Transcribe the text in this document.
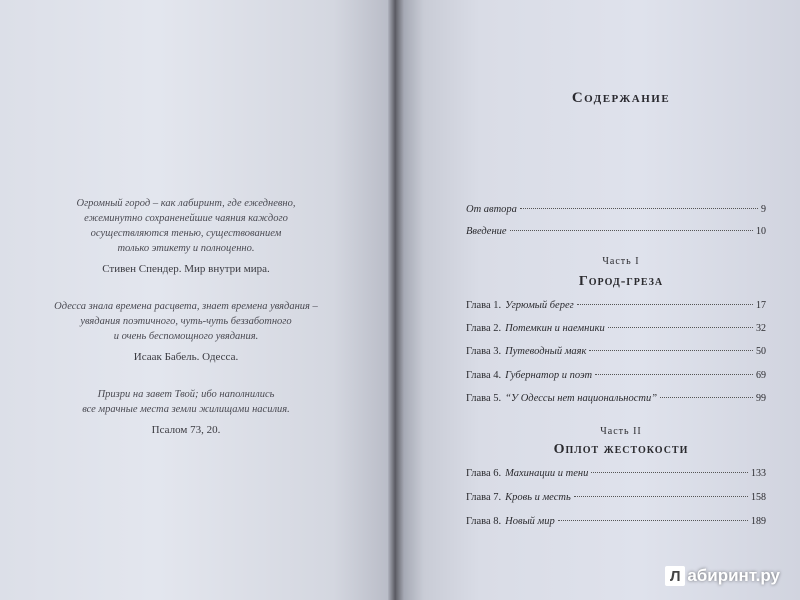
Огромный город – как лабиринт, где ежедневно,
ежеминутно сохраненейшие чаяния каждого
осуществляются тенью, существованием
только этикету и полноценно.
Стивен Спендер. Мир внутри мира.
Одесса знала времена расцвета, знает времена увядания –
увядания поэтичного, чуть-чуть беззаботного
и очень беспомощного увядания.
Исаак Бабель. Одесса.
Призри на завет Твой; ибо наполнились
все мрачные места земли жилищами насилия.
Псалом 73, 20.
Содержание
От автора	9
Введение	10
Часть I
Город-греза
Глава 1. Угрюмый берег	17
Глава 2. Потемкин и наемники	32
Глава 3. Путеводный маяк	50
Глава 4. Губернатор и поэт	69
Глава 5. “У Одессы нет национальности”	99
Часть II
Оплот жестокости
Глава 6. Махинации и тени	133
Глава 7. Кровь и месть	158
Глава 8. Новый мир	189
Л абиринт.ру
